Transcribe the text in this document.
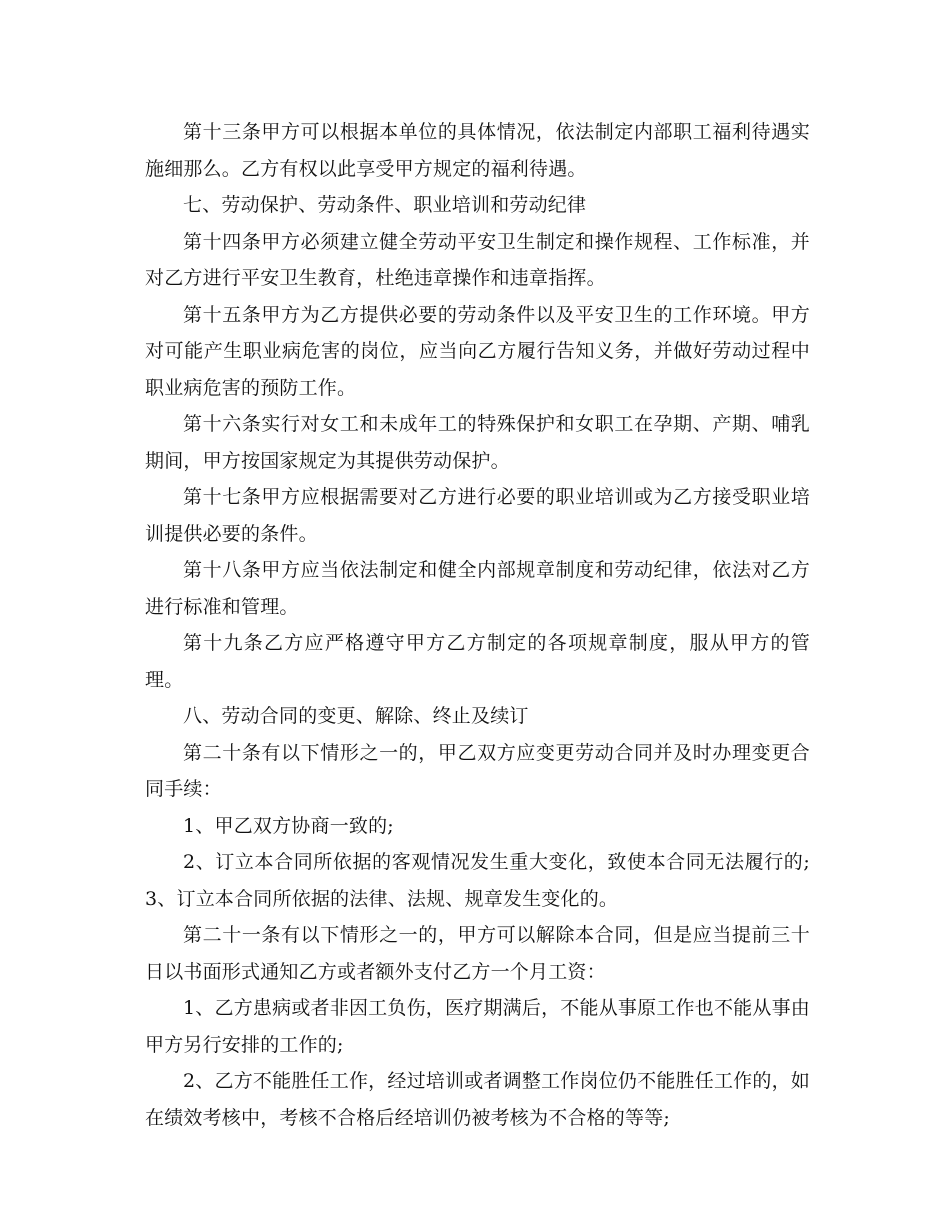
第十三条甲方可以根据本单位的具体情况，依法制定内部职工福利待遇实施细那么。乙方有权以此享受甲方规定的福利待遇。

七、劳动保护、劳动条件、职业培训和劳动纪律

第十四条甲方必须建立健全劳动平安卫生制定和操作规程、工作标准，并对乙方进行平安卫生教育，杜绝违章操作和违章指挥。

第十五条甲方为乙方提供必要的劳动条件以及平安卫生的工作环境。甲方对可能产生职业病危害的岗位，应当向乙方履行告知义务，并做好劳动过程中职业病危害的预防工作。

第十六条实行对女工和未成年工的特殊保护和女职工在孕期、产期、哺乳期间，甲方按国家规定为其提供劳动保护。

第十七条甲方应根据需要对乙方进行必要的职业培训或为乙方接受职业培训提供必要的条件。

第十八条甲方应当依法制定和健全内部规章制度和劳动纪律，依法对乙方进行标准和管理。

第十九条乙方应严格遵守甲方乙方制定的各项规章制度，服从甲方的管理。

八、劳动合同的变更、解除、终止及续订

第二十条有以下情形之一的，甲乙双方应变更劳动合同并及时办理变更合同手续：

1、甲乙双方协商一致的;

2、订立本合同所依据的客观情况发生重大变化，致使本合同无法履行的;3、订立本合同所依据的法律、法规、规章发生变化的。

第二十一条有以下情形之一的，甲方可以解除本合同，但是应当提前三十日以书面形式通知乙方或者额外支付乙方一个月工资：

1、乙方患病或者非因工负伤，医疗期满后，不能从事原工作也不能从事由甲方另行安排的工作的;

2、乙方不能胜任工作，经过培训或者调整工作岗位仍不能胜任工作的，如在绩效考核中，考核不合格后经培训仍被考核为不合格的等等;
